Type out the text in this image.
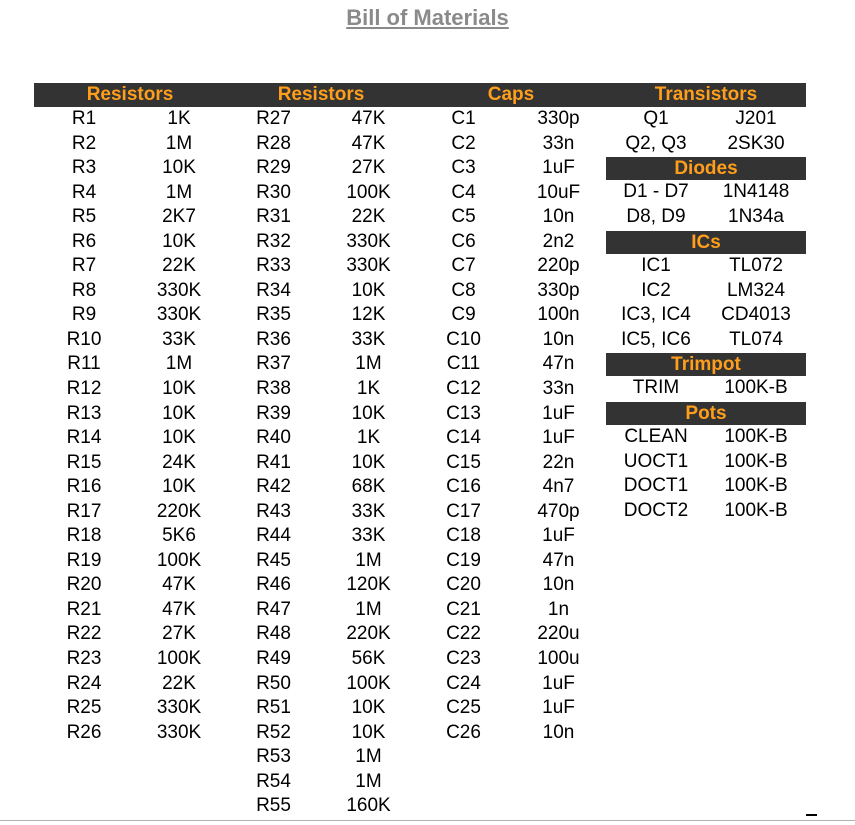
Bill of Materials
Resistors	Resistors	Caps	Transistors
R1	1K
R2	1M
R3	10K
R4	1M
R5	2K7
R6	10K
R7	22K
R8	330K
R9	330K
R10	33K
R11	1M
R12	10K
R13	10K
R14	10K
R15	24K
R16	10K
R17	220K
R18	5K6
R19	100K
R20	47K
R21	47K
R22	27K
R23	100K
R24	22K
R25	330K
R26	330K
R27	47K
R28	47K
R29	27K
R30	100K
R31	22K
R32	330K
R33	330K
R34	10K
R35	12K
R36	33K
R37	1M
R38	1K
R39	10K
R40	1K
R41	10K
R42	68K
R43	33K
R44	33K
R45	1M
R46	120K
R47	1M
R48	220K
R49	56K
R50	100K
R51	10K
R52	10K
R53	1M
R54	1M
R55	160K
C1	330p
C2	33n
C3	1uF
C4	10uF
C5	10n
C6	2n2
C7	220p
C8	330p
C9	100n
C10	10n
C11	47n
C12	33n
C13	1uF
C14	1uF
C15	22n
C16	4n7
C17	470p
C18	1uF
C19	47n
C20	10n
C21	1n
C22	220u
C23	100u
C24	1uF
C25	1uF
C26	10n
Q1	J201
Q2, Q3	2SK30
Diodes
D1 - D7	1N4148
D8, D9	1N34a
ICs
IC1	TL072
IC2	LM324
IC3, IC4	CD4013
IC5, IC6	TL074
Trimpot
TRIM	100K-B
Pots
CLEAN	100K-B
UOCT1	100K-B
DOCT1	100K-B
DOCT2	100K-B
